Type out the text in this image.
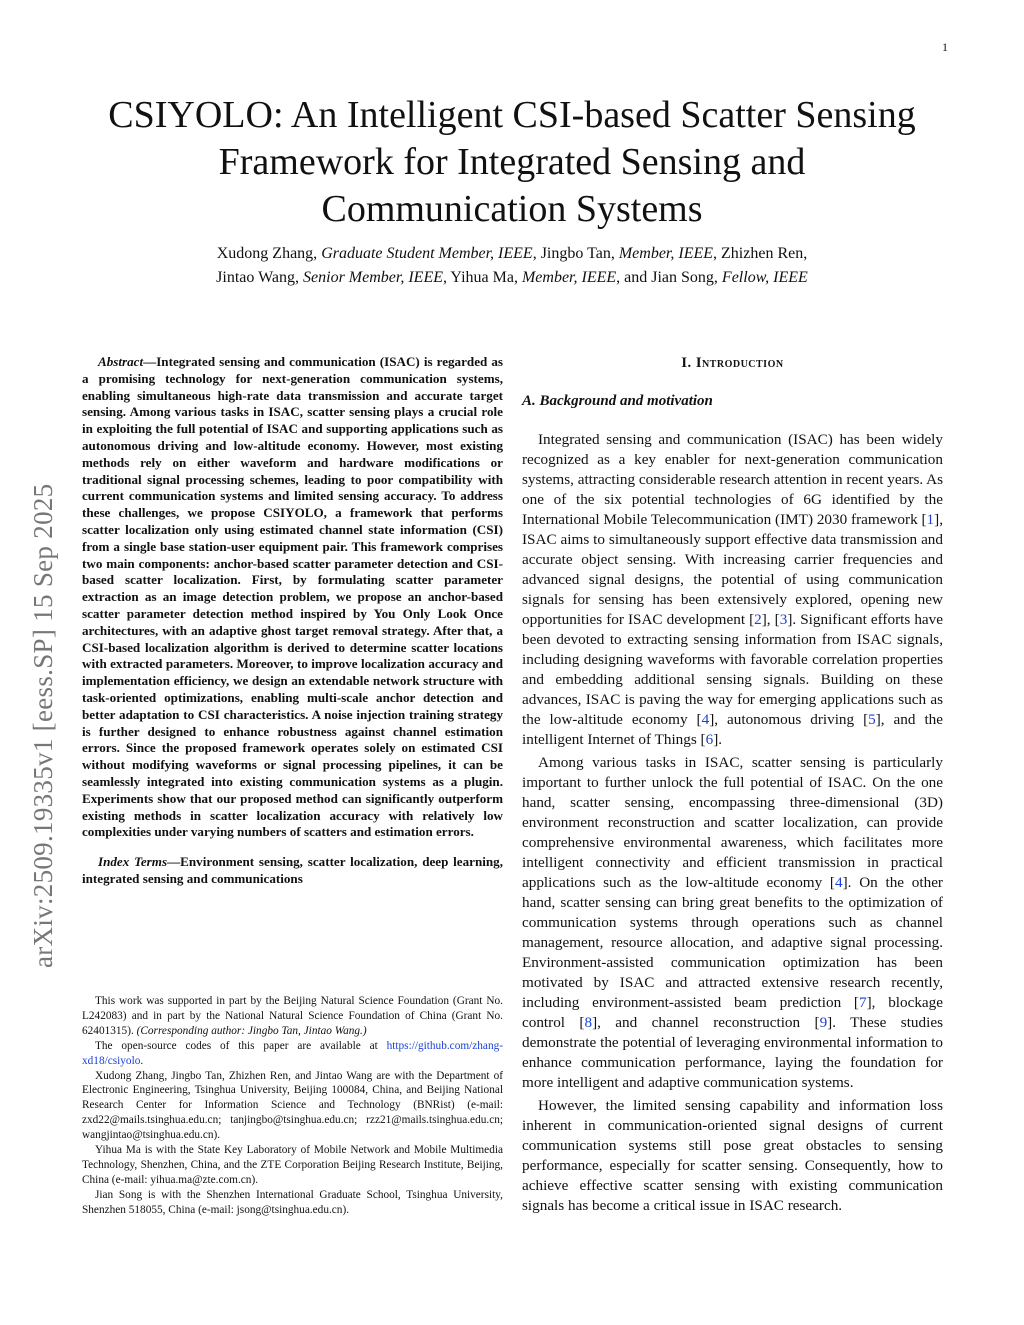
1
arXiv:2509.19335v1 [eess.SP] 15 Sep 2025
CSIYOLO: An Intelligent CSI-based Scatter Sensing Framework for Integrated Sensing and Communication Systems
Xudong Zhang, Graduate Student Member, IEEE, Jingbo Tan, Member, IEEE, Zhizhen Ren,
Jintao Wang, Senior Member, IEEE, Yihua Ma, Member, IEEE, and Jian Song, Fellow, IEEE

Abstract—Integrated sensing and communication (ISAC) is regarded as a promising technology for next-generation communication systems, enabling simultaneous high-rate data transmission and accurate target sensing. Among various tasks in ISAC, scatter sensing plays a crucial role in exploiting the full potential of ISAC and supporting applications such as autonomous driving and low-altitude economy. However, most existing methods rely on either waveform and hardware modifications or traditional signal processing schemes, leading to poor compatibility with current communication systems and limited sensing accuracy. To address these challenges, we propose CSIYOLO, a framework that performs scatter localization only using estimated channel state information (CSI) from a single base station-user equipment pair. This framework comprises two main components: anchor-based scatter parameter detection and CSI-based scatter localization. First, by formulating scatter parameter extraction as an image detection problem, we propose an anchor-based scatter parameter detection method inspired by You Only Look Once architectures, with an adaptive ghost target removal strategy. After that, a CSI-based localization algorithm is derived to determine scatter locations with extracted parameters. Moreover, to improve localization accuracy and implementation efficiency, we design an extendable network structure with task-oriented optimizations, enabling multi-scale anchor detection and better adaptation to CSI characteristics. A noise injection training strategy is further designed to enhance robustness against channel estimation errors. Since the proposed framework operates solely on estimated CSI without modifying waveforms or signal processing pipelines, it can be seamlessly integrated into existing communication systems as a plugin. Experiments show that our proposed method can significantly outperform existing methods in scatter localization accuracy with relatively low complexities under varying numbers of scatters and estimation errors.

Index Terms—Environment sensing, scatter localization, deep learning, integrated sensing and communications

This work was supported in part by the Beijing Natural Science Foundation (Grant No. L242083) and in part by the National Natural Science Foundation of China (Grant No. 62401315). (Corresponding author: Jingbo Tan, Jintao Wang.)

The open-source codes of this paper are available at https://github.com/zhang-xd18/csiyolo.

Xudong Zhang, Jingbo Tan, Zhizhen Ren, and Jintao Wang are with the Department of Electronic Engineering, Tsinghua University, Beijing 100084, China, and Beijing National Research Center for Information Science and Technology (BNRist) (e-mail: zxd22@mails.tsinghua.edu.cn; tanjingbo@tsinghua.edu.cn; rzz21@mails.tsinghua.edu.cn; wangjintao@tsinghua.edu.cn).

Yihua Ma is with the State Key Laboratory of Mobile Network and Mobile Multimedia Technology, Shenzhen, China, and the ZTE Corporation Beijing Research Institute, Beijing, China (e-mail: yihua.ma@zte.com.cn).

Jian Song is with the Shenzhen International Graduate School, Tsinghua University, Shenzhen 518055, China (e-mail: jsong@tsinghua.edu.cn).

I. Introduction
A. Background and motivation

Integrated sensing and communication (ISAC) has been widely recognized as a key enabler for next-generation communication systems, attracting considerable research attention in recent years. As one of the six potential technologies of 6G identified by the International Mobile Telecommunication (IMT) 2030 framework [1], ISAC aims to simultaneously support effective data transmission and accurate object sensing. With increasing carrier frequencies and advanced signal designs, the potential of using communication signals for sensing has been extensively explored, opening new opportunities for ISAC development [2], [3]. Significant efforts have been devoted to extracting sensing information from ISAC signals, including designing waveforms with favorable correlation properties and embedding additional sensing signals. Building on these advances, ISAC is paving the way for emerging applications such as the low-altitude economy [4], autonomous driving [5], and the intelligent Internet of Things [6].

Among various tasks in ISAC, scatter sensing is particularly important to further unlock the full potential of ISAC. On the one hand, scatter sensing, encompassing three-dimensional (3D) environment reconstruction and scatter localization, can provide comprehensive environmental awareness, which facilitates more intelligent connectivity and efficient transmission in practical applications such as the low-altitude economy [4]. On the other hand, scatter sensing can bring great benefits to the optimization of communication systems through operations such as channel management, resource allocation, and adaptive signal processing. Environment-assisted communication optimization has been motivated by ISAC and attracted extensive research recently, including environment-assisted beam prediction [7], blockage control [8], and channel reconstruction [9]. These studies demonstrate the potential of leveraging environmental information to enhance communication performance, laying the foundation for more intelligent and adaptive communication systems.

However, the limited sensing capability and information loss inherent in communication-oriented signal designs of current communication systems still pose great obstacles to sensing performance, especially for scatter sensing. Consequently, how to achieve effective scatter sensing with existing communication signals has become a critical issue in ISAC research.
